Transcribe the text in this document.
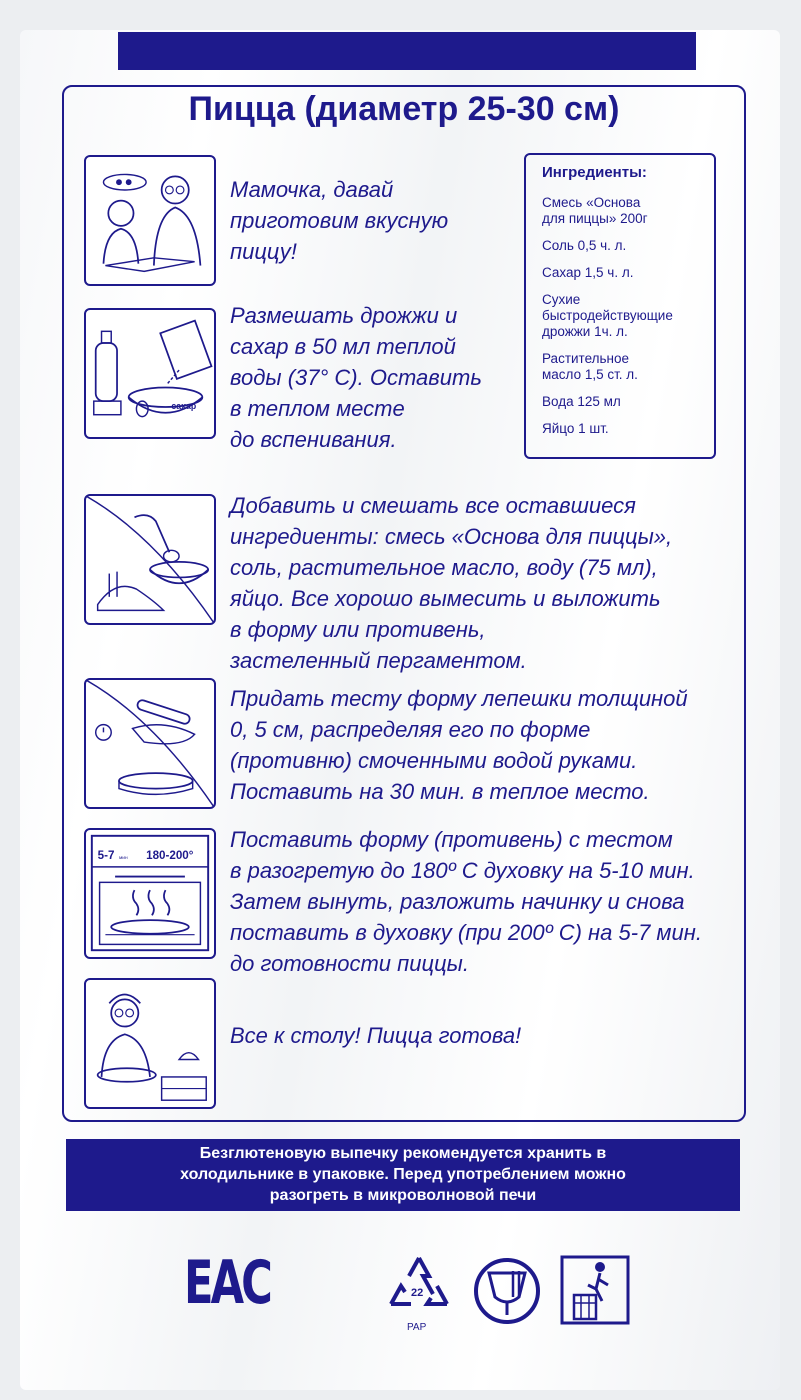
Пицца (диаметр 25-30 см)
Мамочка, давай
приготовим вкусную
пиццу!
сахар
Размешать дрожжи и
сахар в 50 мл теплой
воды (37° С). Оставить
в теплом месте
до вспенивания.
Ингредиенты:
Смесь «Основа
для пиццы» 200г
Соль 0,5 ч. л.
Сахар 1,5 ч. л.
Сухие
быстродействующие
дрожжи 1ч. л.
Растительное
масло 1,5 ст. л.
Вода 125 мл
Яйцо 1 шт.
Добавить и смешать все оставшиеся
ингредиенты: смесь «Основа для пиццы»,
соль, растительное масло, воду (75 мл),
яйцо. Все хорошо вымесить и выложить
в форму или противень,
застеленный пергаментом.
Придать тесту форму лепешки толщиной
0, 5 см, распределяя его по форме
(противню) смоченными водой руками.
Поставить на 30 мин. в теплое место.
5-7 мин 180-200°
Поставить форму (противень) с тестом
в разогретую до 180º С духовку на 5-10 мин.
Затем вынуть, разложить начинку и снова
поставить в духовку (при 200º С) на 5-7 мин.
до готовности пиццы.
Все к столу! Пицца готова!
Безглютеновую выпечку рекомендуется хранить в
холодильнике в упаковке. Перед употреблением можно
разогреть в микроволновой печи
ЕАС	22
PAP
